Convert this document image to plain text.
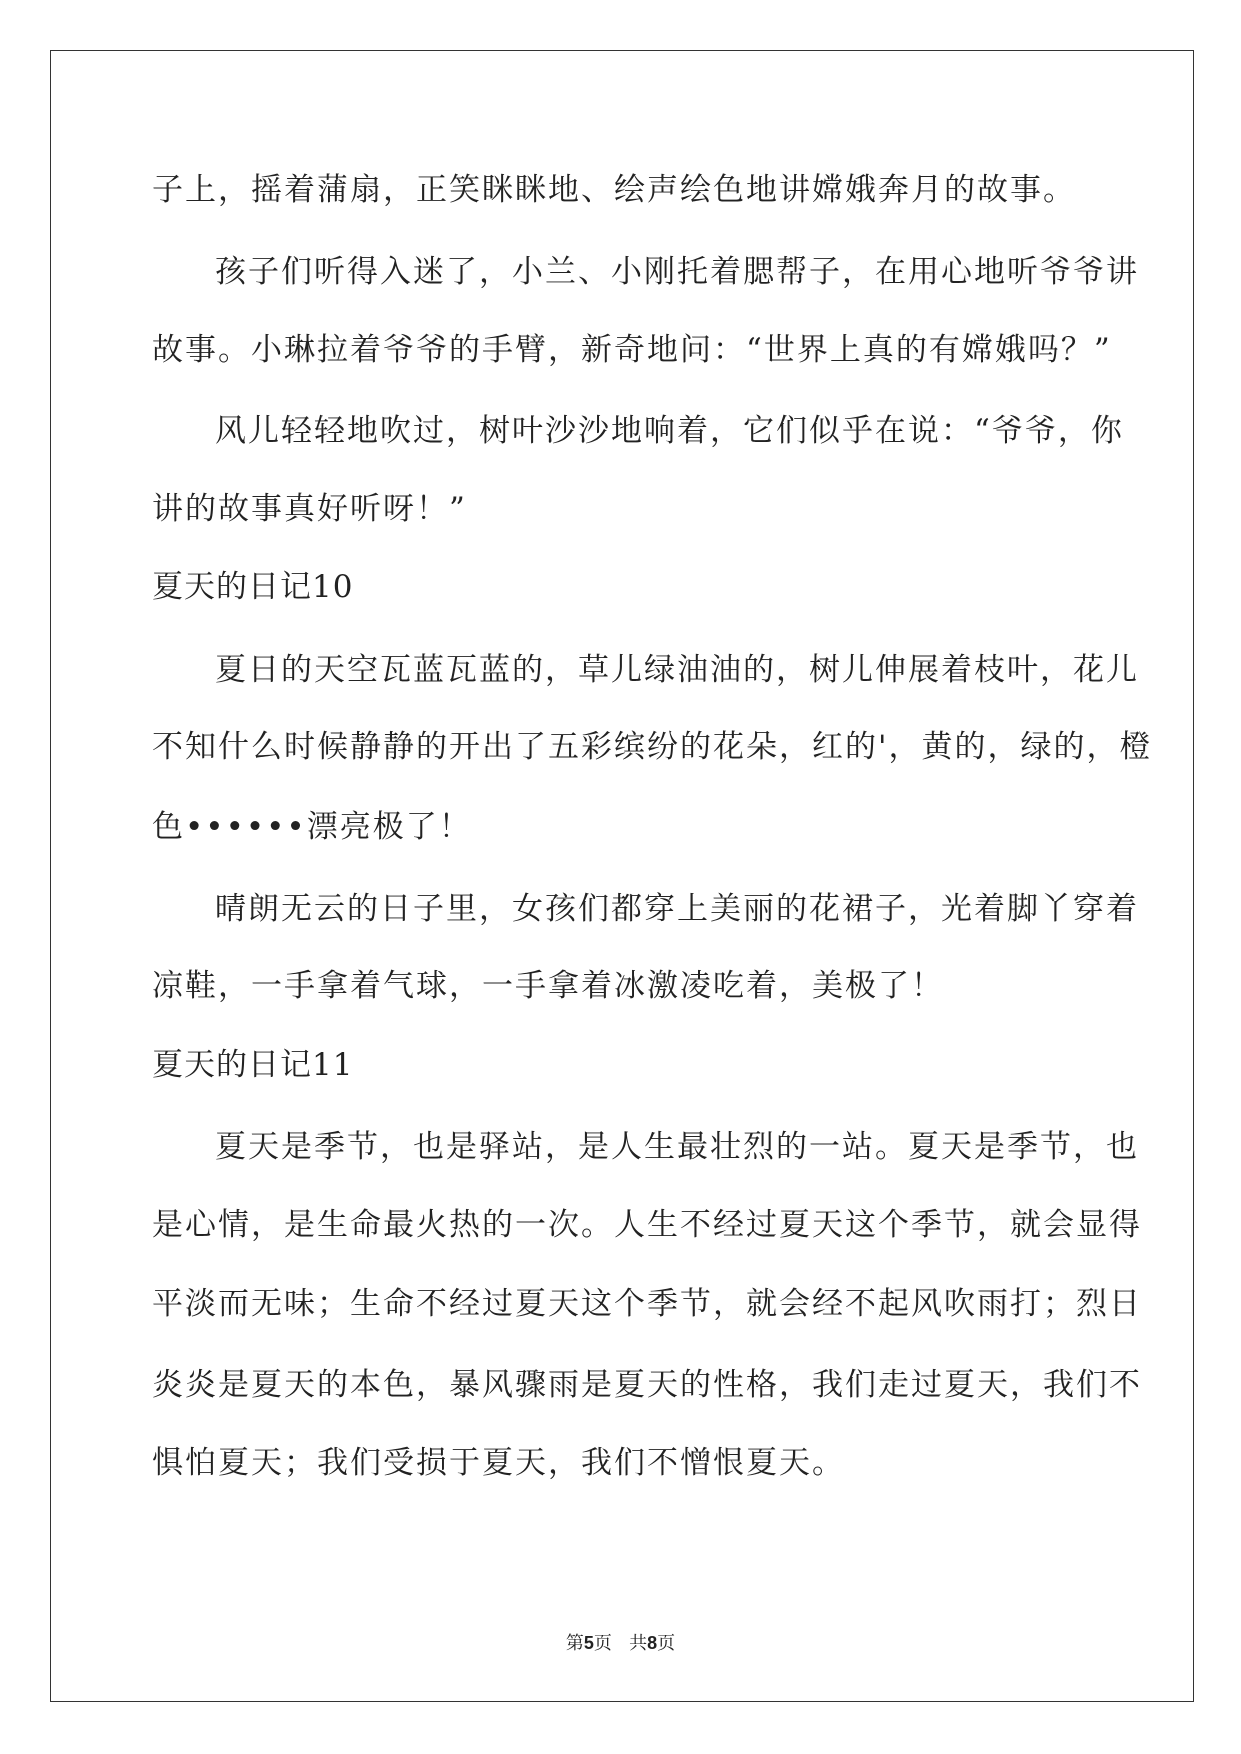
子上，摇着蒲扇，正笑眯眯地、绘声绘色地讲嫦娥奔月的故事。

孩子们听得入迷了，小兰、小刚托着腮帮子，在用心地听爷爷讲

故事。小琳拉着爷爷的手臂，新奇地问：“世界上真的有嫦娥吗？”

风儿轻轻地吹过，树叶沙沙地响着，它们似乎在说：“爷爷，你

讲的故事真好听呀！”

夏天的日记10

夏日的天空瓦蓝瓦蓝的，草儿绿油油的，树儿伸展着枝叶，花儿

不知什么时候静静的开出了五彩缤纷的花朵，红的'，黄的，绿的，橙

色••••••漂亮极了！

晴朗无云的日子里，女孩们都穿上美丽的花裙子，光着脚丫穿着

凉鞋，一手拿着气球，一手拿着冰激凌吃着，美极了！

夏天的日记11

夏天是季节，也是驿站，是人生最壮烈的一站。夏天是季节，也

是心情，是生命最火热的一次。人生不经过夏天这个季节，就会显得

平淡而无味；生命不经过夏天这个季节，就会经不起风吹雨打；烈日

炎炎是夏天的本色，暴风骤雨是夏天的性格，我们走过夏天，我们不

惧怕夏天；我们受损于夏天，我们不憎恨夏天。

第5页   共8页
